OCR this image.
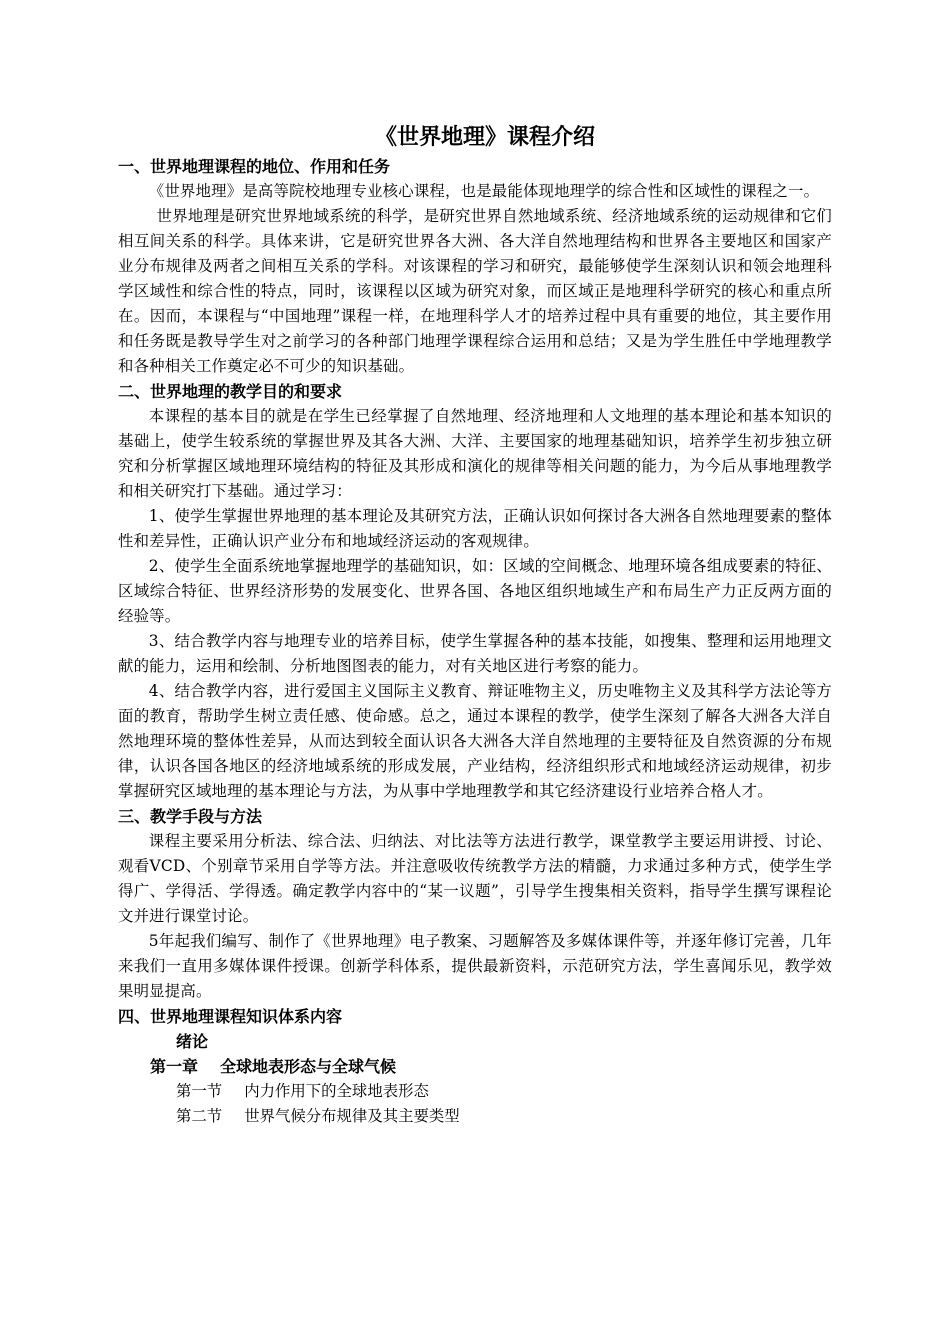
《世界地理》课程介绍

一、世界地理课程的地位、作用和任务

《世界地理》是高等院校地理专业核心课程，也是最能体现地理学的综合性和区域性的课程之一。

世界地理是研究世界地域系统的科学，是研究世界自然地域系统、经济地域系统的运动规律和它们相互间关系的科学。具体来讲，它是研究世界各大洲、各大洋自然地理结构和世界各主要地区和国家产业分布规律及两者之间相互关系的学科。对该课程的学习和研究，最能够使学生深刻认识和领会地理科学区域性和综合性的特点，同时，该课程以区域为研究对象，而区域正是地理科学研究的核心和重点所在。因而，本课程与“中国地理”课程一样，在地理科学人才的培养过程中具有重要的地位，其主要作用和任务既是教导学生对之前学习的各种部门地理学课程综合运用和总结；又是为学生胜任中学地理教学和各种相关工作奠定必不可少的知识基础。

二、世界地理的教学目的和要求

本课程的基本目的就是在学生已经掌握了自然地理、经济地理和人文地理的基本理论和基本知识的基础上，使学生较系统的掌握世界及其各大洲、大洋、主要国家的地理基础知识，培养学生初步独立研究和分析掌握区域地理环境结构的特征及其形成和演化的规律等相关问题的能力，为今后从事地理教学和相关研究打下基础。通过学习：

1、使学生掌握世界地理的基本理论及其研究方法，正确认识如何探讨各大洲各自然地理要素的整体性和差异性，正确认识产业分布和地域经济运动的客观规律。

2、使学生全面系统地掌握地理学的基础知识，如：区域的空间概念、地理环境各组成要素的特征、区域综合特征、世界经济形势的发展变化、世界各国、各地区组织地域生产和布局生产力正反两方面的经验等。

3、结合教学内容与地理专业的培养目标，使学生掌握各种的基本技能，如搜集、整理和运用地理文献的能力，运用和绘制、分析地图图表的能力，对有关地区进行考察的能力。

4、结合教学内容，进行爱国主义国际主义教育、辩证唯物主义，历史唯物主义及其科学方法论等方面的教育，帮助学生树立责任感、使命感。总之，通过本课程的教学，使学生深刻了解各大洲各大洋自然地理环境的整体性差异，从而达到较全面认识各大洲各大洋自然地理的主要特征及自然资源的分布规律，认识各国各地区的经济地域系统的形成发展，产业结构，经济组织形式和地域经济运动规律，初步掌握研究区域地理的基本理论与方法，为从事中学地理教学和其它经济建设行业培养合格人才。

三、教学手段与方法

课程主要采用分析法、综合法、归纳法、对比法等方法进行教学，课堂教学主要运用讲授、讨论、观看VCD、个别章节采用自学等方法。并注意吸收传统教学方法的精髓，力求通过多种方式，使学生学得广、学得活、学得透。确定教学内容中的“某一议题”，引导学生搜集相关资料，指导学生撰写课程论文并进行课堂讨论。

5年起我们编写、制作了《世界地理》电子教案、习题解答及多媒体课件等，并逐年修订完善，几年来我们一直用多媒体课件授课。创新学科体系，提供最新资料，示范研究方法，学生喜闻乐见，教学效果明显提高。

四、世界地理课程知识体系内容

绪论

第一章 全球地表形态与全球气候

第一节 内力作用下的全球地表形态

第二节 世界气候分布规律及其主要类型
